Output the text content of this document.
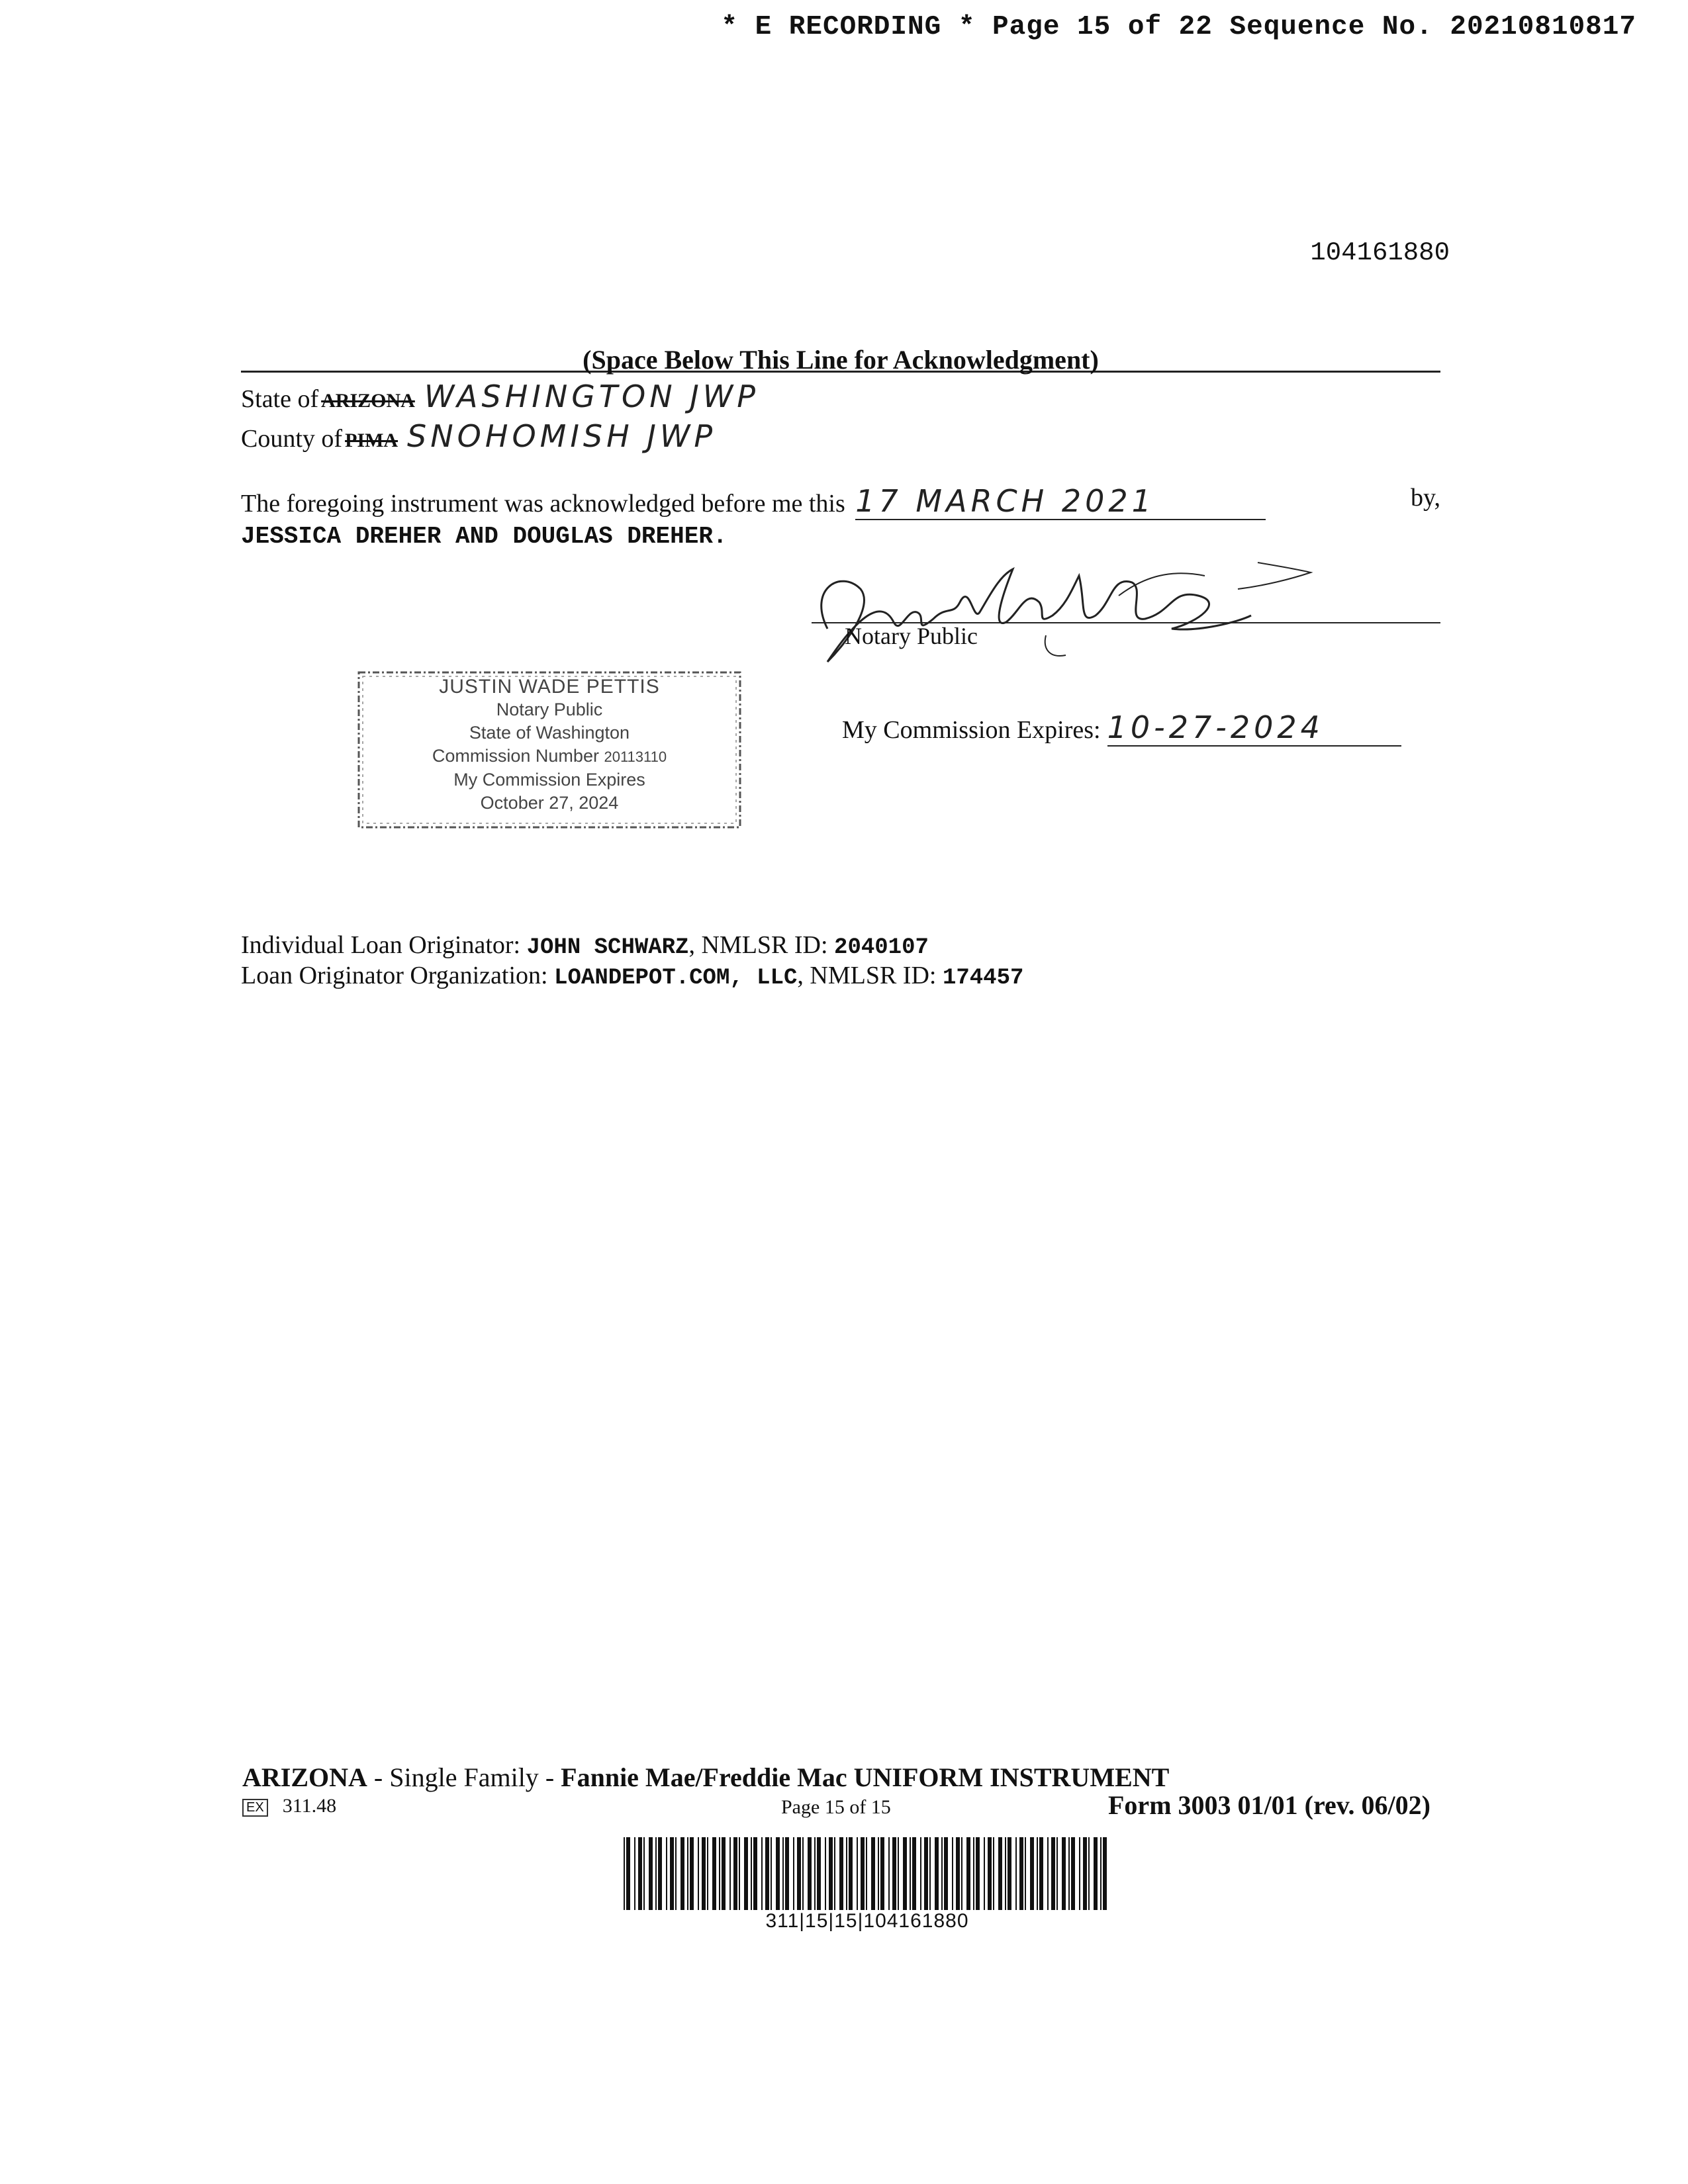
* E RECORDING * Page 15 of 22 Sequence No. 20210810817
104161880
(Space Below This Line for Acknowledgment)
State of ARIZONA WASHINGTON JWP
County of PIMA SNOHOMISH JWP
The foregoing instrument was acknowledged before me this 17 MARCH 2021	by,
JESSICA DREHER AND DOUGLAS DREHER.
Notary Public
JUSTIN WADE PETTIS
Notary Public
State of Washington
Commission Number 20113110
My Commission Expires
October 27, 2024
My Commission Expires: 10-27-2024
Individual Loan Originator: JOHN SCHWARZ, NMLSR ID: 2040107
Loan Originator Organization: LOANDEPOT.COM, LLC, NMLSR ID: 174457
ARIZONA - Single Family - Fannie Mae/Freddie Mac UNIFORM INSTRUMENT
EX 311.48	Page 15 of 15	Form 3003 01/01 (rev. 06/02)
311|15|15|104161880
